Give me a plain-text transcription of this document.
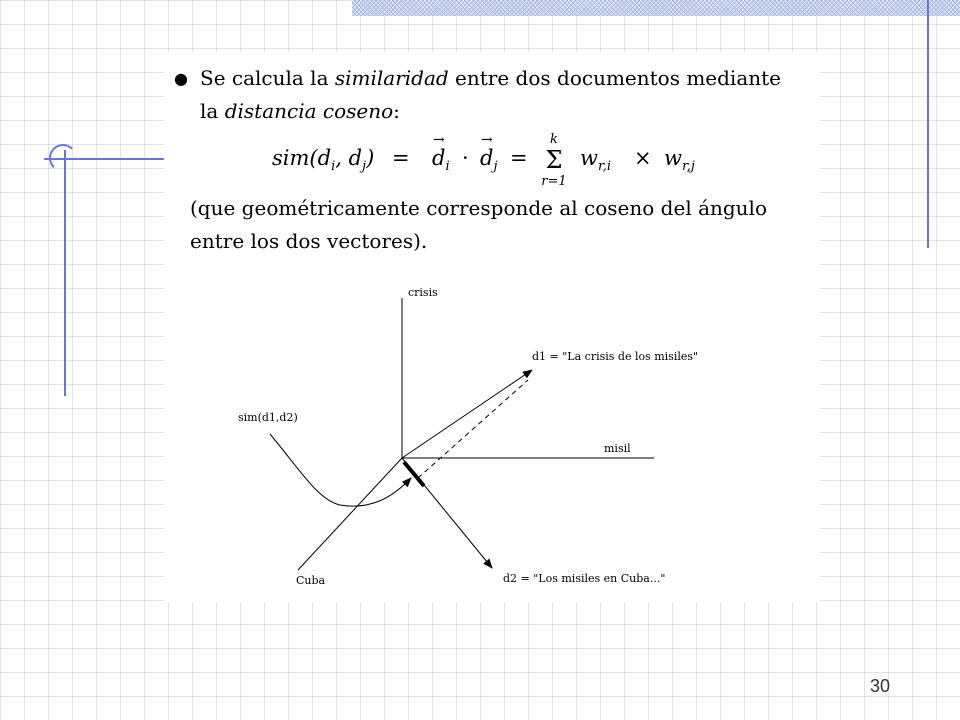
● Se calcula la similaridad entre dos documentos mediante la distancia coseno:
$sim(d_i$, $d_j$) =
→
$d_i$ ·
→
$d_j$ =
k
Σ
r=1
$w_{r,i} \times w_{r,j}$
(que geométricamente corresponde al coseno del ángulo entre los dos vectores).
crisis
misil
Cuba
d1 = "La crisis de los misiles"
d2 = "Los misiles en Cuba..."
sim(d1,d2)
30
